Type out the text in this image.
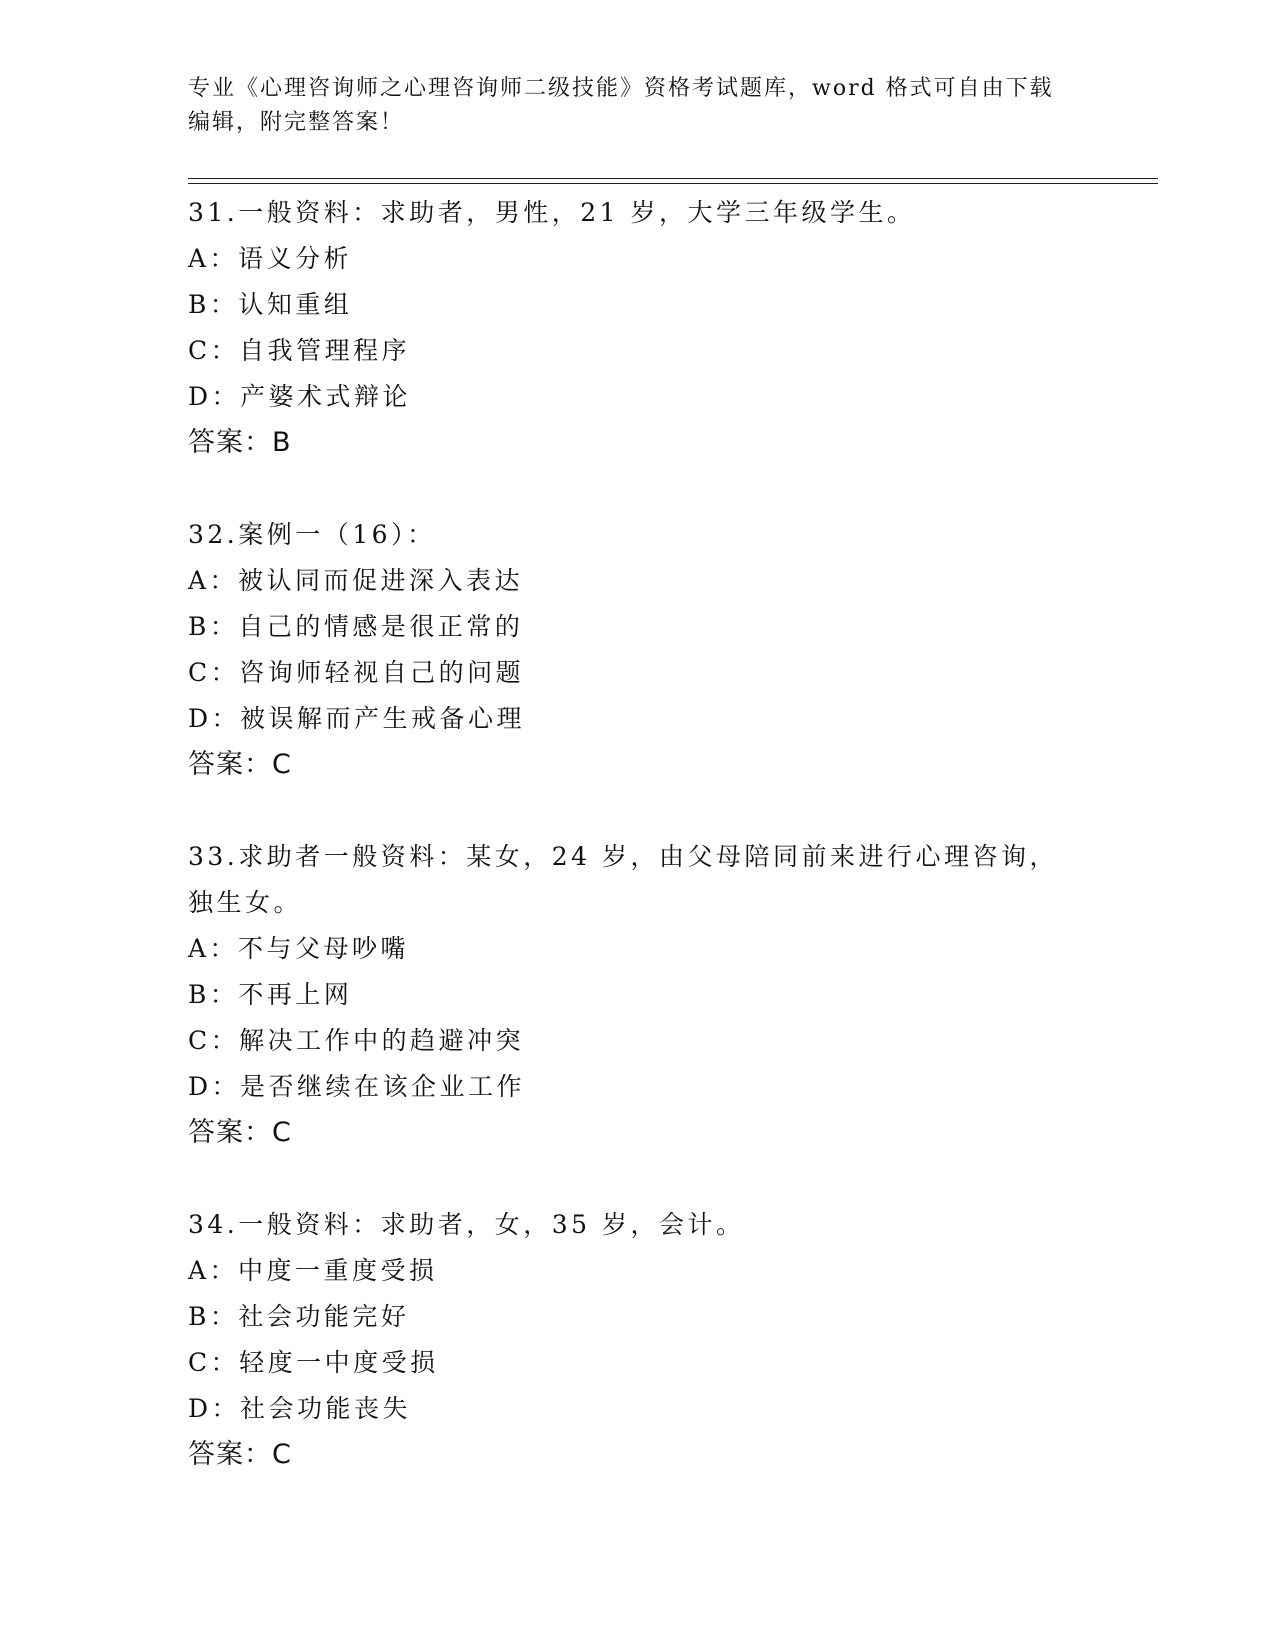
专业《心理咨询师之心理咨询师二级技能》资格考试题库，word 格式可自由下载
编辑，附完整答案！
31.一般资料：求助者，男性，21 岁，大学三年级学生。
A：语义分析
B：认知重组
C：自我管理程序
D：产婆术式辩论
答案：B
32.案例一（16）：
A：被认同而促进深入表达
B：自己的情感是很正常的
C：咨询师轻视自己的问题
D：被误解而产生戒备心理
答案：C
33.求助者一般资料：某女，24 岁，由父母陪同前来进行心理咨询，独生女。
A：不与父母吵嘴
B：不再上网
C：解决工作中的趋避冲突
D：是否继续在该企业工作
答案：C
34.一般资料：求助者，女，35 岁，会计。
A：中度一重度受损
B：社会功能完好
C：轻度一中度受损
D：社会功能丧失
答案：C
